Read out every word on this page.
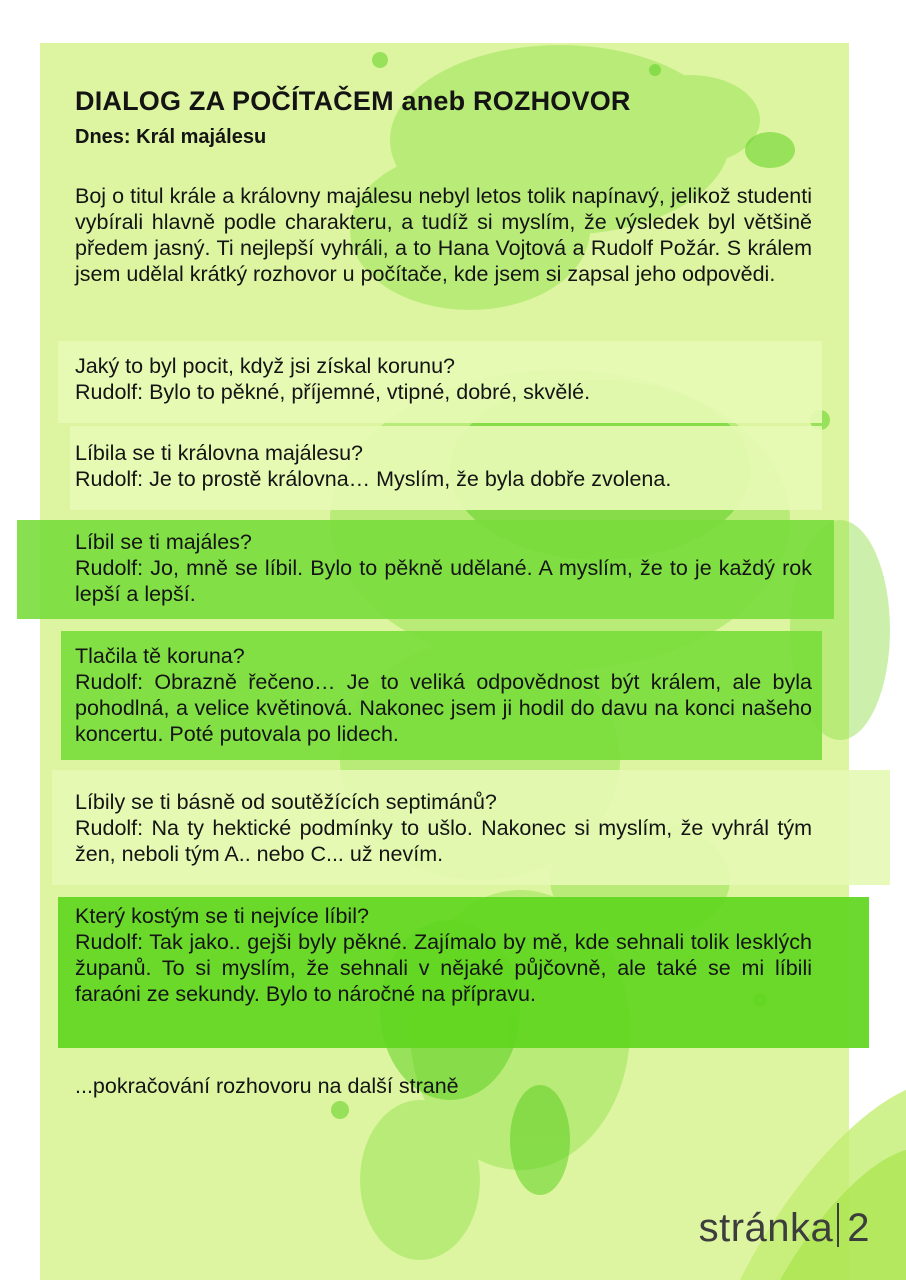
DIALOG ZA POČÍTAČEM aneb ROZHOVOR
Dnes: Král majálesu
Boj o titul krále a královny majálesu nebyl letos tolik napínavý, jelikož studenti vybírali hlavně podle charakteru, a tudíž si myslím, že výsledek byl většině předem jasný. Ti nejlepší vyhráli, a to Hana Vojtová a Rudolf Požár. S králem jsem udělal krátký rozhovor u počítače, kde jsem si zapsal jeho odpovědi.
Jaký to byl pocit, když jsi získal korunu?
Rudolf: Bylo to pěkné, příjemné, vtipné, dobré, skvělé.
Líbila se ti královna majálesu?
Rudolf: Je to prostě královna… Myslím, že byla dobře zvolena.
Líbil se ti majáles?
Rudolf: Jo, mně se líbil. Bylo to pěkně udělané. A myslím, že to je každý rok lepší a lepší.
Tlačila tě koruna?
Rudolf: Obrazně řečeno… Je to veliká odpovědnost být králem, ale byla pohodlná, a velice květinová. Nakonec jsem ji hodil do davu na konci našeho koncertu. Poté putovala po lidech.
Líbily se ti básně od soutěžících septimánů?
Rudolf: Na ty hektické podmínky to ušlo. Nakonec si myslím, že vyhrál tým žen, neboli tým A.. nebo C... už nevím.
Který kostým se ti nejvíce líbil?
Rudolf: Tak jako.. gejši byly pěkné. Zajímalo by mě, kde sehnali tolik lesklých županů. To si myslím, že sehnali v nějaké půjčovně, ale také se mi líbili faraóni ze sekundy. Bylo to náročné na přípravu.
...pokračování rozhovoru na další straně
stránka 2
